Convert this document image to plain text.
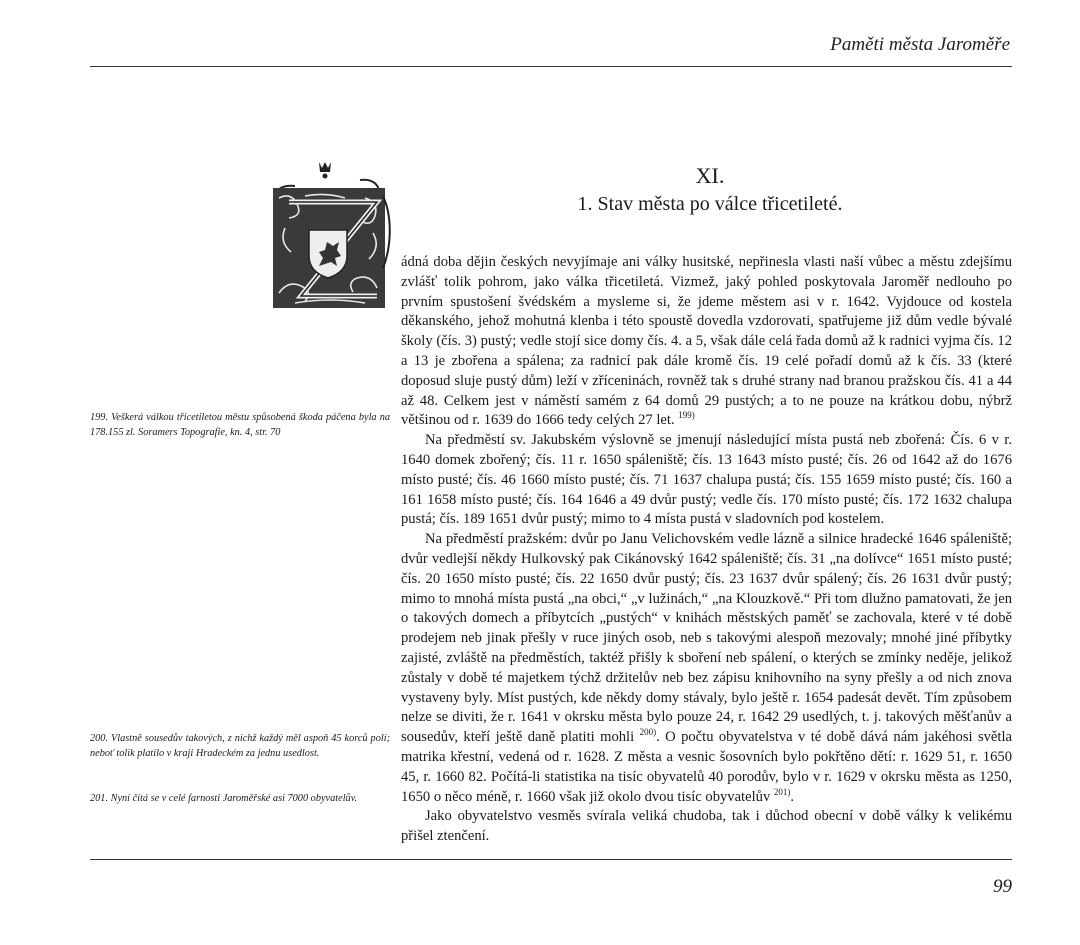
Paměti města Jaroměře
XI.
1. Stav města po válce třicetileté.

ádná doba dějin českých nevyjímaje ani války husitské, nepřinesla vlasti naší vůbec a městu zdejšímu zvlášť tolik pohrom, jako válka třicetiletá. Vizmež, jaký pohled poskytovala Jaroměř nedlouho po prvním spustošení švédském a mysleme si, že jdeme městem asi v r. 1642. Vyjdouce od kostela děkanského, jehož mohutná klenba i této spoustě dovedla vzdorovati, spatřujeme již dům vedle bývalé školy (čís. 3) pustý; vedle stojí sice domy čís. 4. a 5, však dále celá řada domů až k radnici vyjma čís. 12 a 13 je zbořena a spálena; za radnicí pak dále kromě čís. 19 celé pořadí domů až k čís. 33 (které doposud sluje pustý dům) leží v zříceninách, rovněž tak s druhé strany nad branou pražskou čís. 41 a 44 až 48. Celkem jest v náměstí samém z 64 domů 29 pustých; a to ne pouze na krátkou dobu, nýbrž většinou od r. 1639 do 1666 tedy celých 27 let. $^{199)}$

Na předměstí sv. Jakubském výslovně se jmenují následující místa pustá neb zbořená: Čís. 6 v r. 1640 domek zbořený; čís. 11 r. 1650 spáleniště; čís. 13 1643 místo pusté; čís. 26 od 1642 až do 1676 místo pusté; čís. 46 1660 místo pusté; čís. 71 1637 chalupa pustá; čís. 155 1659 místo pusté; čís. 160 a 161 1658 místo pusté; čís. 164 1646 a 49 dvůr pustý; vedle čís. 170 místo pusté; čís. 172 1632 chalupa pustá; čís. 189 1651 dvůr pustý; mimo to 4 místa pustá v sladovních pod kostelem.

Na předměstí pražském: dvůr po Janu Velichovském vedle lázně a silnice hradecké 1646 spáleniště; dvůr vedlejší někdy Hulkovský pak Cikánovský 1642 spáleniště; čís. 31 „na dolívce“ 1651 místo pusté; čís. 20 1650 místo pusté; čís. 22 1650 dvůr pustý; čís. 23 1637 dvůr spálený; čís. 26 1631 dvůr pustý; mimo to mnohá místa pustá „na obci,“ „v lužinách,“ „na Klouzkově.“ Při tom dlužno pamatovati, že jen o takových domech a příbytcích „pustých“ v knihách městských paměť se zachovala, které v té době prodejem neb jinak přešly v ruce jiných osob, neb s takovými alespoň mezovaly; mnohé jiné příbytky zajisté, zvláště na předměstích, taktéž přišly k sboření neb spálení, o kterých se zmínky neděje, jelikož zůstaly v době té majetkem týchž držitelův neb bez zápisu knihovního na syny přešly a od nich znova vystaveny byly. Míst pustých, kde někdy domy stávaly, bylo ještě r. 1654 padesát devět. Tím způsobem nelze se diviti, že r. 1641 v okrsku města bylo pouze 24, r. 1642 29 usedlých, t. j. takových měšťanův a sousedův, kteří ještě daně platiti mohli $^{200)}$. O počtu obyvatelstva v té době dává nám jakéhosi světla matrika křestní, vedená od r. 1628. Z města a vesnic šosovních bylo pokřtěno dětí: r. 1629 51, r. 1650 45, r. 1660 82. Počítá-li statistika na tisíc obyvatelů 40 porodův, bylo v r. 1629 v okrsku města as 1250, 1650 o něco méně, r. 1660 však již okolo dvou tisíc obyvatelův $^{201)}$.

Jako obyvatelstvo vesměs svírala veliká chudoba, tak i důchod obecní v době války k velikému přišel ztenčení.

199. Veškerá válkou třicetiletou městu spůsobená škoda páčena byla na 178.155 zl. Soramers Topografie, kn. 4, str. 70
200. Vlastně sousedův takových, z nichž každý měl aspoň 45 korců polí; neboť tolik platilo v kraji Hradeckém za jednu usedlost.
201. Nyní čítá se v celé farnosti Jaroměřské asi 7000 obyvatelův.
99
